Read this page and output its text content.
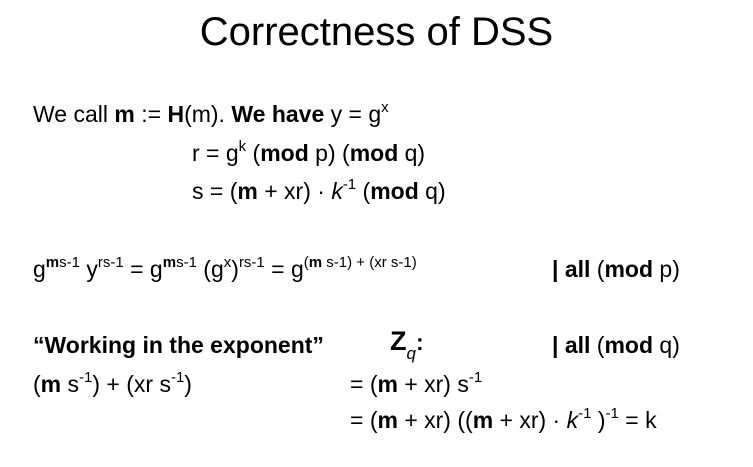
Correctness of DSS
We call m := H(m). We have $y = g^x$
$r = g^k$ (mod p) (mod q)
$s = (m + xr) \cdot k^{-1}$ (mod q)
$g^{ms-1}$ $y^{rs-1} = g^{ms-1}$ $(g^x)^{rs-1} = g^{(m s-1) + (xr s-1)}$	| all (mod p)
“Working in the exponent” $Z_q$:	| all (mod q)
(m $s^{-1}) + (xr$ $s^{-1}$)	= (m + xr) $s^{-1}$
= (m + xr) ($(m + xr) \cdot k^{-1}$ )$^{-1}$ = k
